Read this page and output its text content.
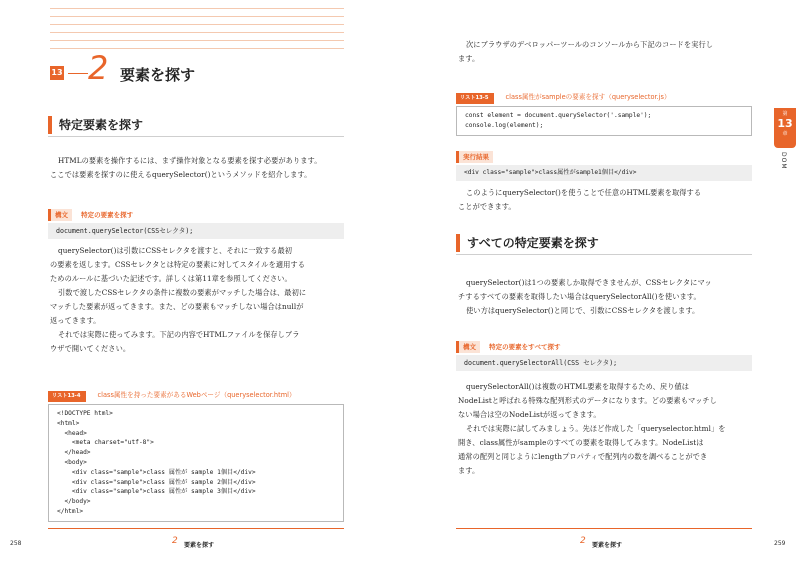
13 2 要素を探す
特定要素を探す
HTMLの要素を操作するには、まず操作対象となる要素を探す必要があります。
ここでは要素を探すのに使えるquerySelector()というメソッドを紹介します。
構文 特定の要素を探す
document.querySelector(CSSセレクタ);
querySelector()は引数にCSSセレクタを渡すと、それに一致する最初
の要素を返します。CSSセレクタとは特定の要素に対してスタイルを適用する
ためのルールに基づいた記述です。詳しくは第11章を参照してください。
引数で渡したCSSセレクタの条件に複数の要素がマッチした場合は、最初に
マッチした要素が返ってきます。また、どの要素もマッチしない場合はnullが
返ってきます。
それでは実際に使ってみます。下記の内容でHTMLファイルを保存しブラ
ウザで開いてください。
リスト13-4	class属性を持った要素があるWebページ（queryselector.html）
<!DOCTYPE html>
<html>
<head>
<meta charset="utf-8">
</head>
<body>
<div class="sample">class 属性が sample 1個目</div>
<div class="sample">class 属性が sample 2個目</div>
<div class="sample">class 属性が sample 3個目</div>
</body>
</html>
258	2 要素を探す
次にブラウザのデベロッパーツールのコンソールから下記のコードを実行し
ます。
リスト13-5	class属性がsampleの要素を探す（queryselector.js）
const element = document.querySelector('.sample');
console.log(element);
実行結果
<div class="sample">class属性がsample1個目</div>
このようにquerySelector()を使うことで任意のHTML要素を取得する
ことができます。
すべての特定要素を探す
querySelector()は1つの要素しか取得できませんが、CSSセレクタにマッ
チするすべての要素を取得したい場合はquerySelectorAll()を使います。
使い方はquerySelector()と同じで、引数にCSSセレクタを渡します。
構文 特定の要素をすべて探す
document.querySelectorAll(CSS セレクタ);
querySelectorAll()は複数のHTML要素を取得するため、戻り値は
NodeListと呼ばれる特殊な配列形式のデータになります。どの要素もマッチし
ない場合は空のNodeListが返ってきます。
それでは実際に試してみましょう。先ほど作成した「queryselector.html」を
開き、class属性がsampleのすべての要素を取得してみます。NodeListは
通常の配列と同じようにlengthプロパティで配列内の数を調べることができ
ます。
第
13
章
DOM
2 要素を探す	259
